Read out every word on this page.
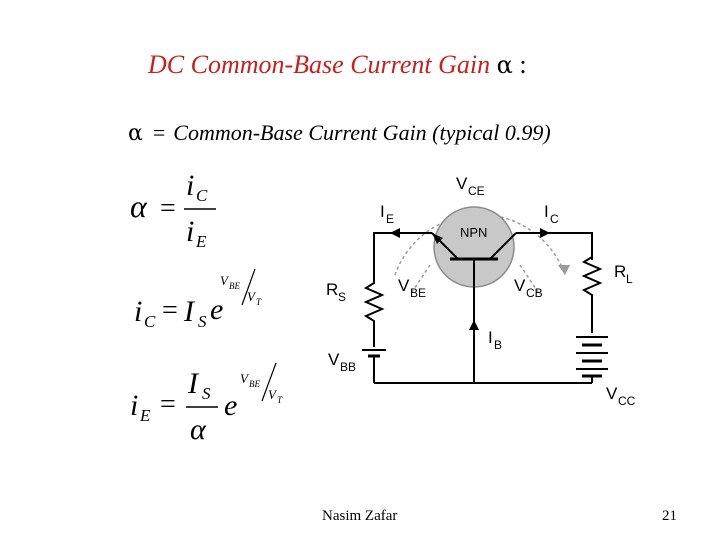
DC Common-Base Current Gain α :
α = Common-Base Current Gain (typical 0.99)
α =
i C
i E
i C = I S e
V BE
V T
i E =
I S
α
e
V BE
V T
NPN
V CE
I E	I C
R S
V BE	V CB
R L
I B
V BB
V CC
Nasim Zafar	21
